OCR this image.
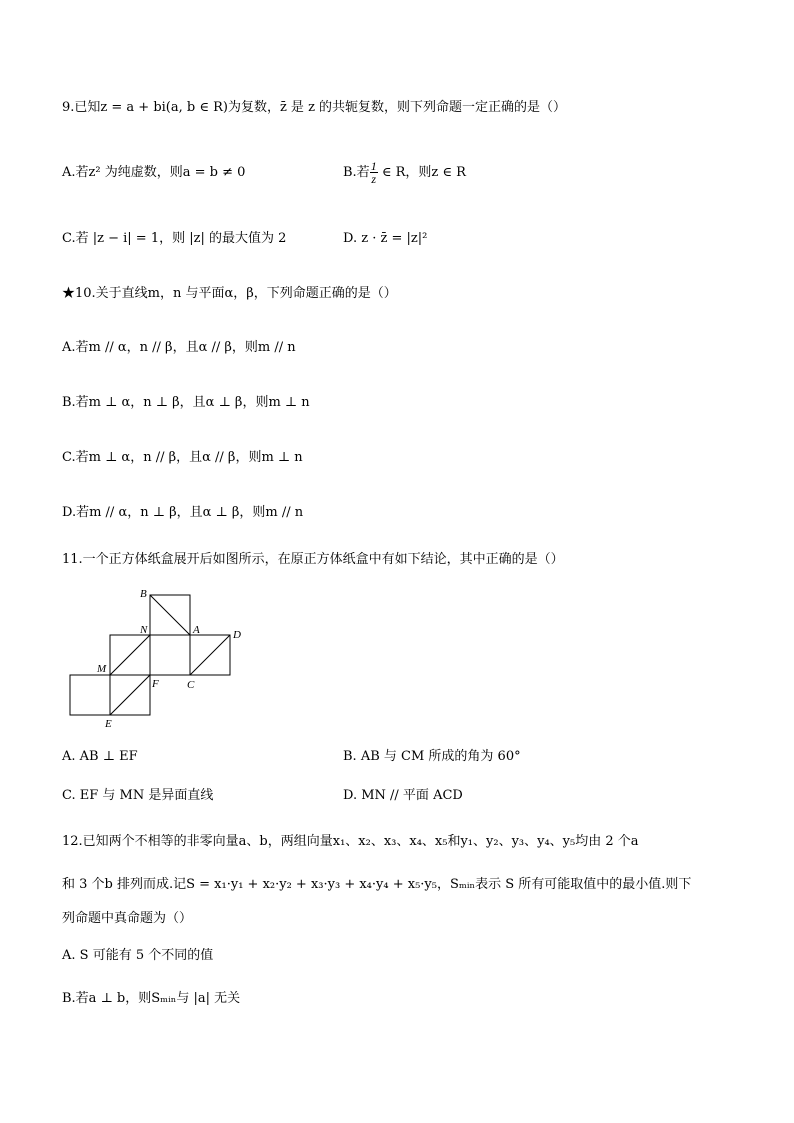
9.已知z = a + bi(a, b ∈ R)为复数，z̄ 是 z 的共轭复数，则下列命题一定正确的是（）
A.若z² 为纯虚数，则a = b ≠ 0	B.若 $\frac{1}{z}$ ∈ R，则z ∈ R
C.若 |z − i| = 1，则 |z| 的最大值为 2	D. z · z̄ = |z|²
★10.关于直线m，n 与平面α，β，下列命题正确的是（）
A.若m // α，n // β，且α // β，则m // n
B.若m ⊥ α，n ⊥ β，且α ⊥ β，则m ⊥ n
C.若m ⊥ α，n // β，且α // β，则m ⊥ n
D.若m // α，n ⊥ β，且α ⊥ β，则m // n
11.一个正方体纸盒展开后如图所示，在原正方体纸盒中有如下结论，其中正确的是（）
B
N	A	D
M
F	C
E
A. AB ⊥ EF	B. AB 与 CM 所成的角为 60°
C. EF 与 MN 是异面直线	D. MN // 平面 ACD
12.已知两个不相等的非零向量a、b，两组向量x₁、x₂、x₃、x₄、x₅和y₁、y₂、y₃、y₄、y₅均由 2 个a
和 3 个b 排列而成.记S = x₁·y₁ + x₂·y₂ + x₃·y₃ + x₄·y₄ + x₅·y₅，Sₘᵢₙ表示 S 所有可能取值中的最小值.则下
列命题中真命题为（）
A. S 可能有 5 个不同的值
B.若a ⊥ b，则Sₘᵢₙ与 |a| 无关
